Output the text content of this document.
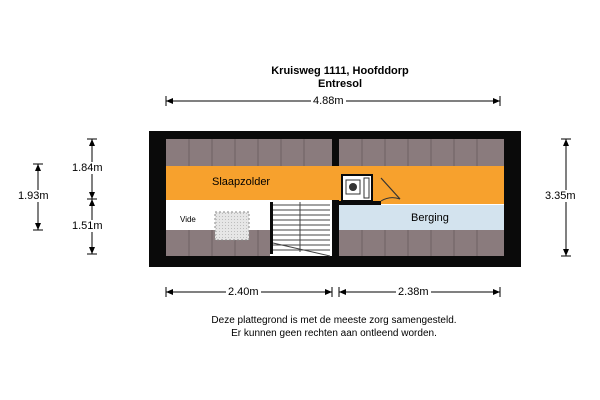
Kruisweg 1111, Hoofddorp
Entresol
4.88m
1.84m
1.51m
1.93m	3.35m
2.40m	2.38m
Slaapzolder
Vide	Berging
Deze plattegrond is met de meeste zorg samengesteld.
Er kunnen geen rechten aan ontleend worden.
